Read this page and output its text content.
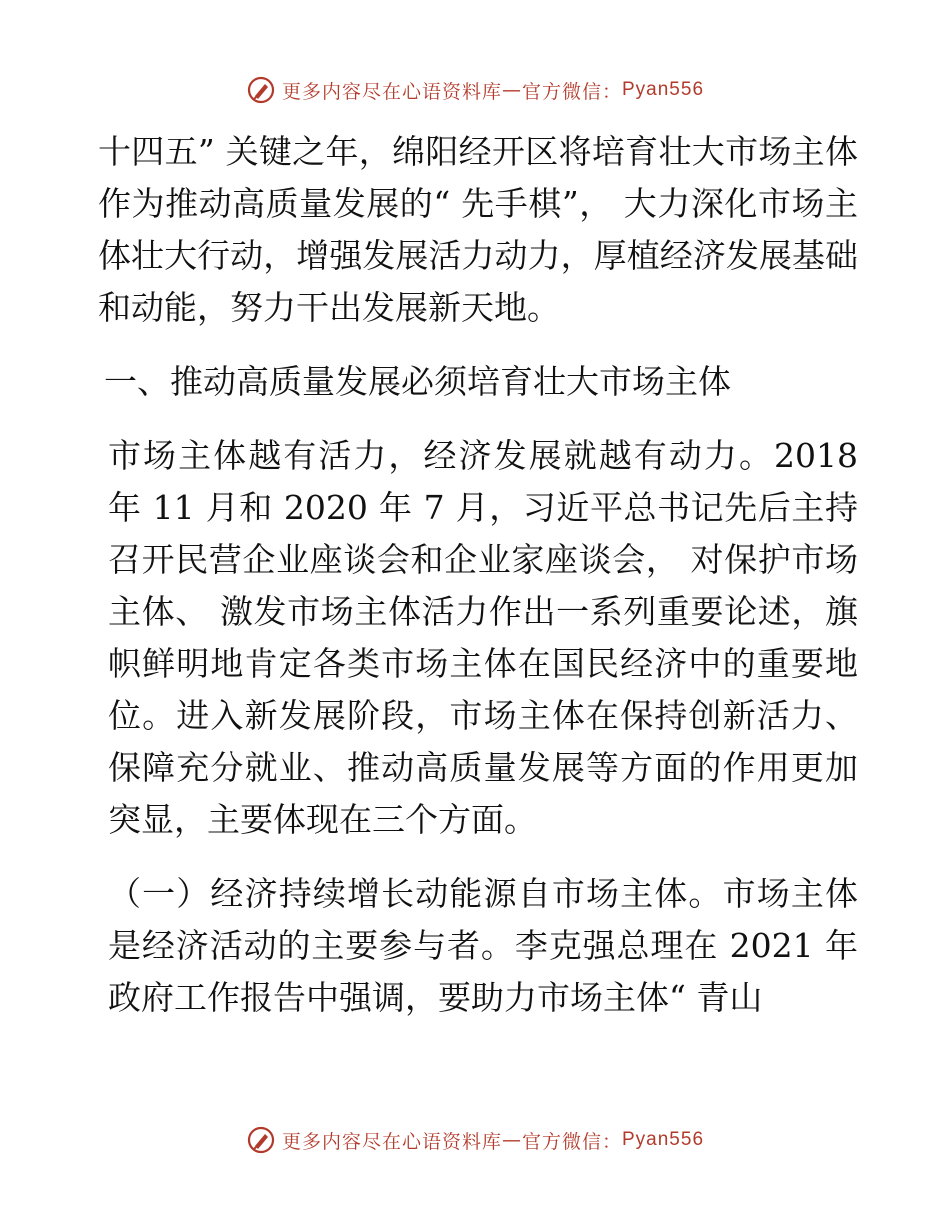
更多内容尽在心语资料库 — 官方微信： Pyan556

十四五” 关键之年，绵阳经开区将培育壮大市场主体作为推动高质量发展的“ 先手棋”， 大力深化市场主体壮大行动，增强发展活力动力，厚植经济发展基础和动能，努力干出发展新天地。

一、推动高质量发展必须培育壮大市场主体

市场主体越有活力，经济发展就越有动力。2018 年 11 月和 2020 年 7 月，习近平总书记先后主持召开民营企业座谈会和企业家座谈会， 对保护市场主体、 激发市场主体活力作出一系列重要论述，旗帜鲜明地肯定各类市场主体在国民经济中的重要地位。进入新发展阶段，市场主体在保持创新活力、保障充分就业、推动高质量发展等方面的作用更加突显，主要体现在三个方面。

（一）经济持续增长动能源自市场主体。市场主体是经济活动的主要参与者。李克强总理在 2021 年政府工作报告中强调，要助力市场主体“ 青山

更多内容尽在心语资料库 — 官方微信： Pyan556
